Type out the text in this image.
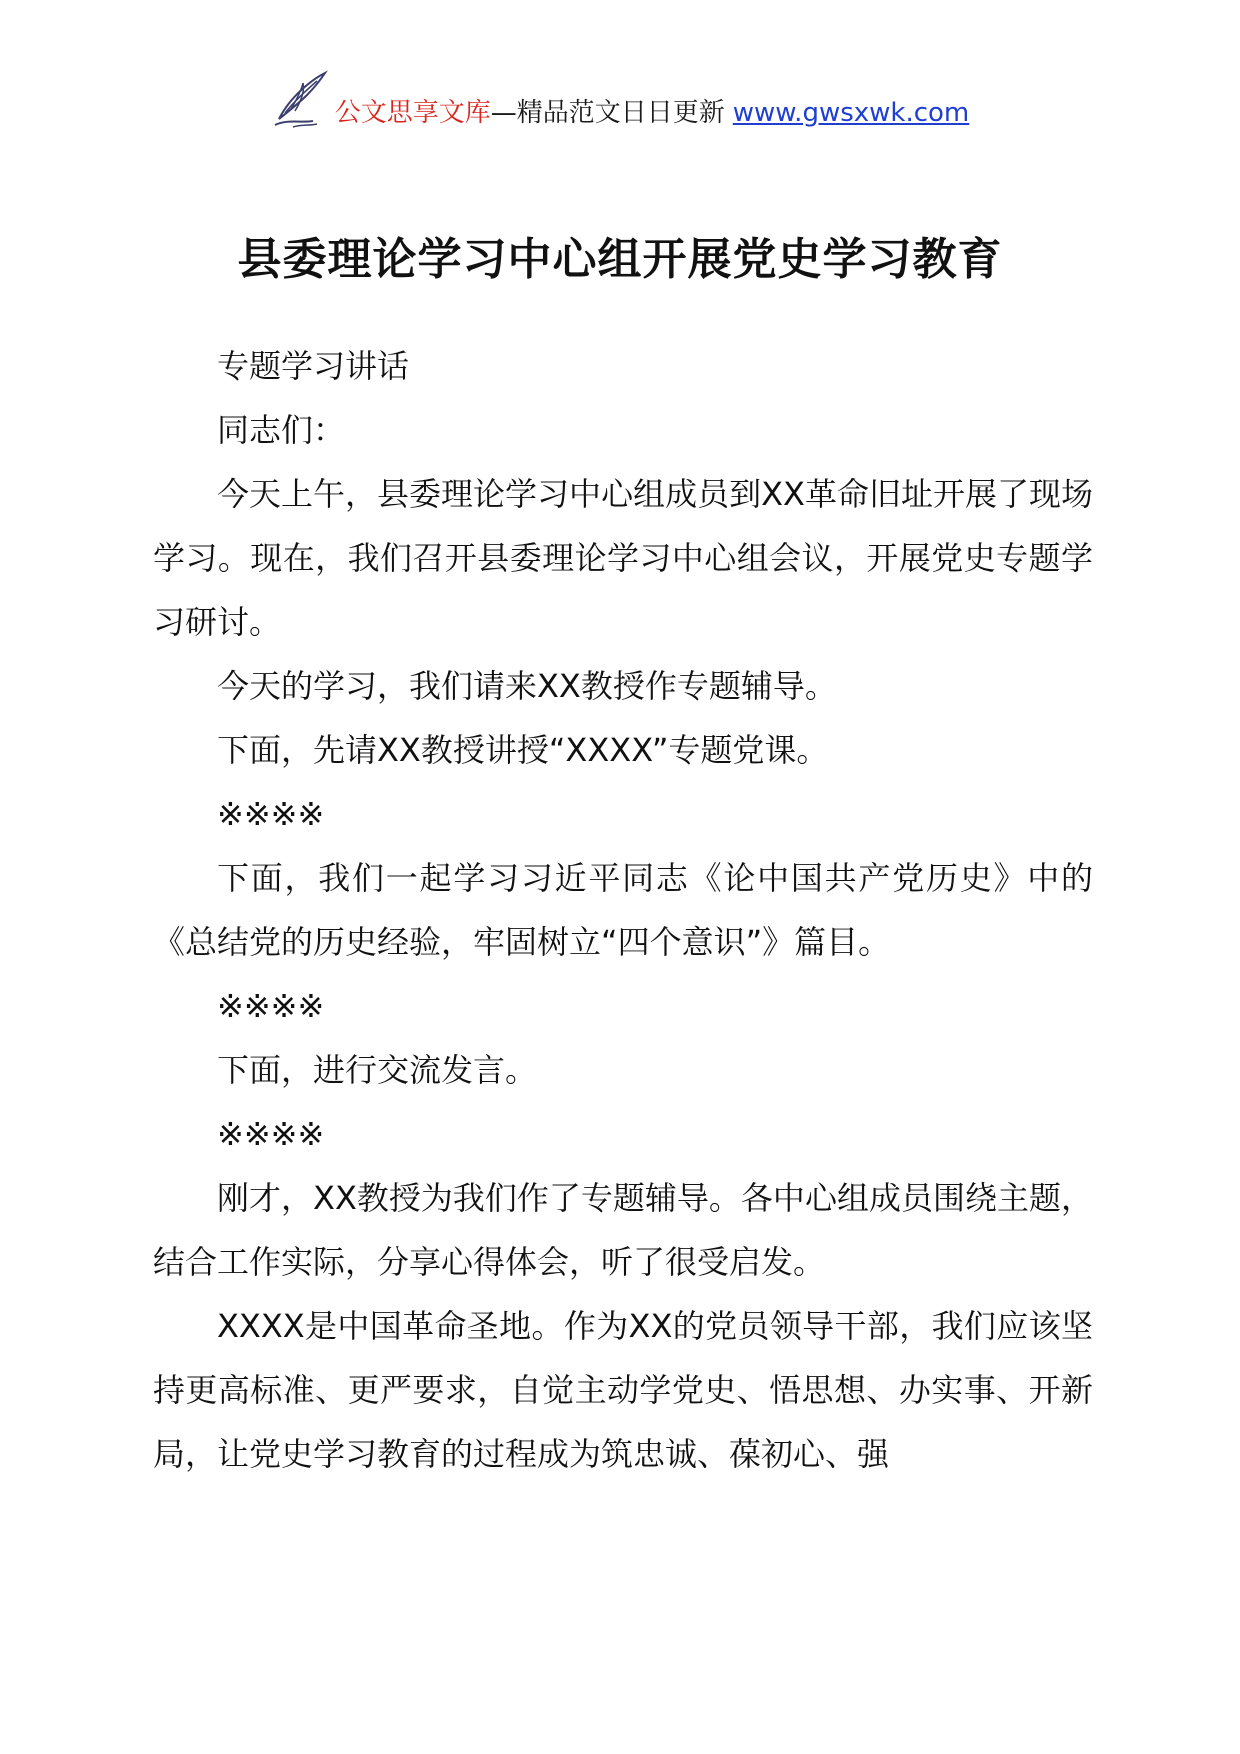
公文思享文库—精品范文日日更新 www.gwsxwk.com
县委理论学习中心组开展党史学习教育

专题学习讲话

同志们：

今天上午，县委理论学习中心组成员到XX革命旧址开展了现场学习。现在，我们召开县委理论学习中心组会议，开展党史专题学习研讨。

今天的学习，我们请来XX教授作专题辅导。

下面，先请XX教授讲授“XXXX”专题党课。

※※※※

下面，我们一起学习习近平同志《论中国共产党历史》中的《总结党的历史经验，牢固树立“四个意识”》篇目。

※※※※

下面，进行交流发言。

※※※※

刚才，XX教授为我们作了专题辅导。各中心组成员围绕主题，结合工作实际，分享心得体会，听了很受启发。

XXXX是中国革命圣地。作为XX的党员领导干部，我们应该坚持更高标准、更严要求，自觉主动学党史、悟思想、办实事、开新局，让党史学习教育的过程成为筑忠诚、葆初心、强
